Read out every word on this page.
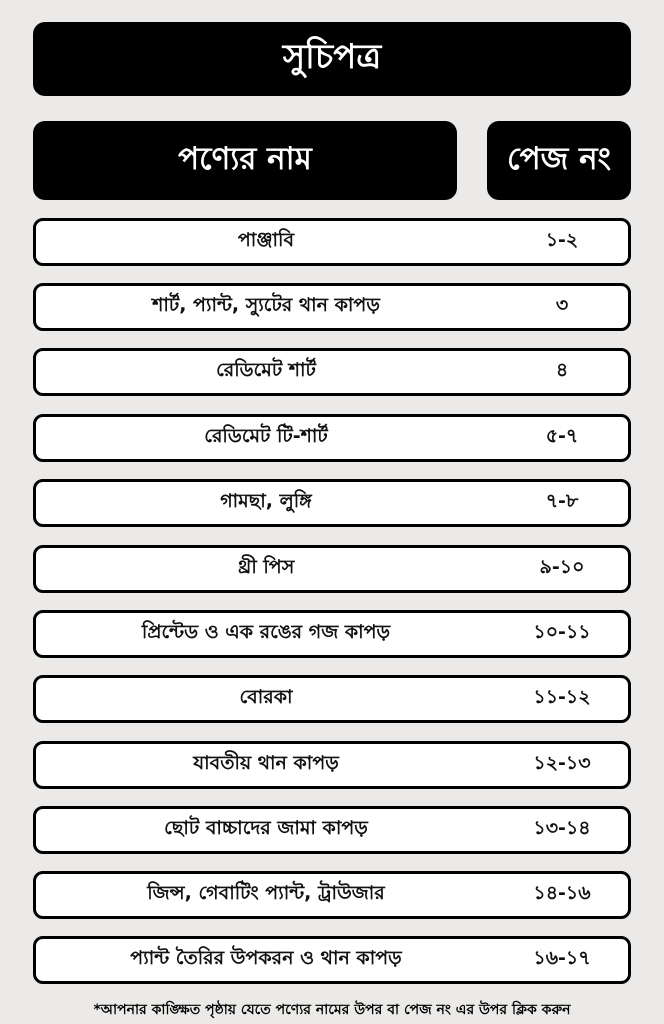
সুচিপত্র
পণ্যের নাম	পেজ নং
পাঞ্জাবি	১-২
শার্ট, প্যান্ট, স্যুটের থান কাপড়	৩
রেডিমেট শার্ট	৪
রেডিমেট টি-শার্ট	৫-৭
গামছা, লুঙ্গি	৭-৮
থ্রী পিস	৯-১০
প্রিন্টেড ও এক রঙের গজ কাপড়	১০-১১
বোরকা	১১-১২
যাবতীয় থান কাপড়	১২-১৩
ছোট বাচ্চাদের জামা কাপড়	১৩-১৪
জিন্স, গেবাটিং প্যান্ট, ট্রাউজার	১৪-১৬
প্যান্ট তৈরির উপকরন ও থান কাপড়	১৬-১৭
*আপনার কাঙ্ক্ষিত পৃষ্ঠায় যেতে পণ্যের নামের উপর বা পেজ নং এর উপর ক্লিক করুন
